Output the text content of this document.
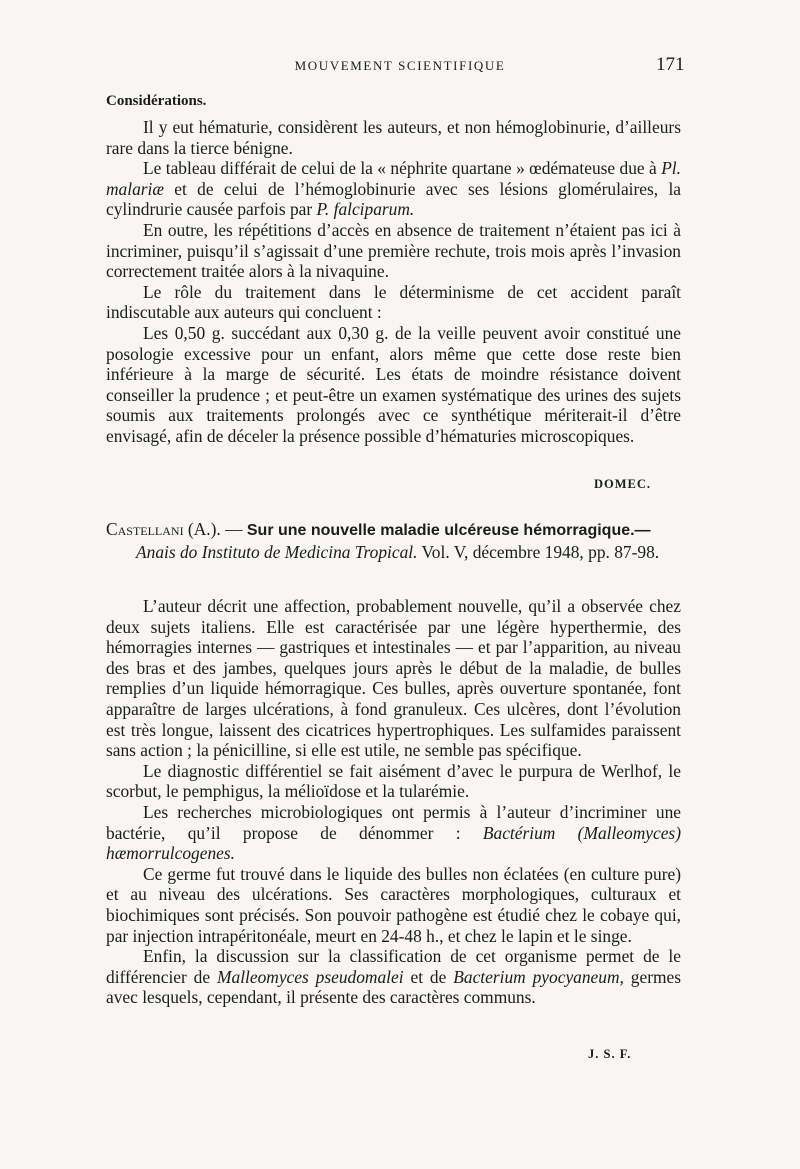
MOUVEMENT SCIENTIFIQUE	171
Considérations.

Il y eut hématurie, considèrent les auteurs, et non hémoglobinurie, d’ailleurs rare dans la tierce bénigne.

Le tableau différait de celui de la « néphrite quartane » œdémateuse due à Pl. malariæ et de celui de l’hémoglobinurie avec ses lésions glomérulaires, la cylindrurie causée parfois par P. falciparum.

En outre, les répétitions d’accès en absence de traitement n’étaient pas ici à incriminer, puisqu’il s’agissait d’une première rechute, trois mois après l’invasion correctement traitée alors à la nivaquine.

Le rôle du traitement dans le déterminisme de cet accident paraît indiscutable aux auteurs qui concluent :

Les 0,50 g. succédant aux 0,30 g. de la veille peuvent avoir constitué une posologie excessive pour un enfant, alors même que cette dose reste bien inférieure à la marge de sécurité. Les états de moindre résistance doivent conseiller la prudence ; et peut-être un examen systématique des urines des sujets soumis aux traitements prolongés avec ce synthétique mériterait-il d’être envisagé, afin de déceler la présence possible d’hématuries microscopiques.

DOMEC.
Castellani (A.). — Sur une nouvelle maladie ulcéreuse hémorragique.—
Anais do Instituto de Medicina Tropical. Vol. V, décembre 1948, pp. 87-98.

L’auteur décrit une affection, probablement nouvelle, qu’il a observée chez deux sujets italiens. Elle est caractérisée par une légère hyperthermie, des hémorragies internes — gastriques et intestinales — et par l’apparition, au niveau des bras et des jambes, quelques jours après le début de la maladie, de bulles remplies d’un liquide hémorragique. Ces bulles, après ouverture spontanée, font apparaître de larges ulcérations, à fond granuleux. Ces ulcères, dont l’évolution est très longue, laissent des cicatrices hypertrophiques. Les sulfamides paraissent sans action ; la pénicilline, si elle est utile, ne semble pas spécifique.

Le diagnostic différentiel se fait aisément d’avec le purpura de Werlhof, le scorbut, le pemphigus, la mélioïdose et la tularémie.

Les recherches microbiologiques ont permis à l’auteur d’incriminer une bactérie, qu’il propose de dénommer : Bactérium (Malleomyces) hæmorrulcogenes.

Ce germe fut trouvé dans le liquide des bulles non éclatées (en culture pure) et au niveau des ulcérations. Ses caractères morphologiques, culturaux et biochimiques sont précisés. Son pouvoir pathogène est étudié chez le cobaye qui, par injection intrapéritonéale, meurt en 24-48 h., et chez le lapin et le singe.

Enfin, la discussion sur la classification de cet organisme permet de le différencier de Malleomyces pseudomalei et de Bacterium pyocyaneum, germes avec lesquels, cependant, il présente des caractères communs.

J. S. F.
